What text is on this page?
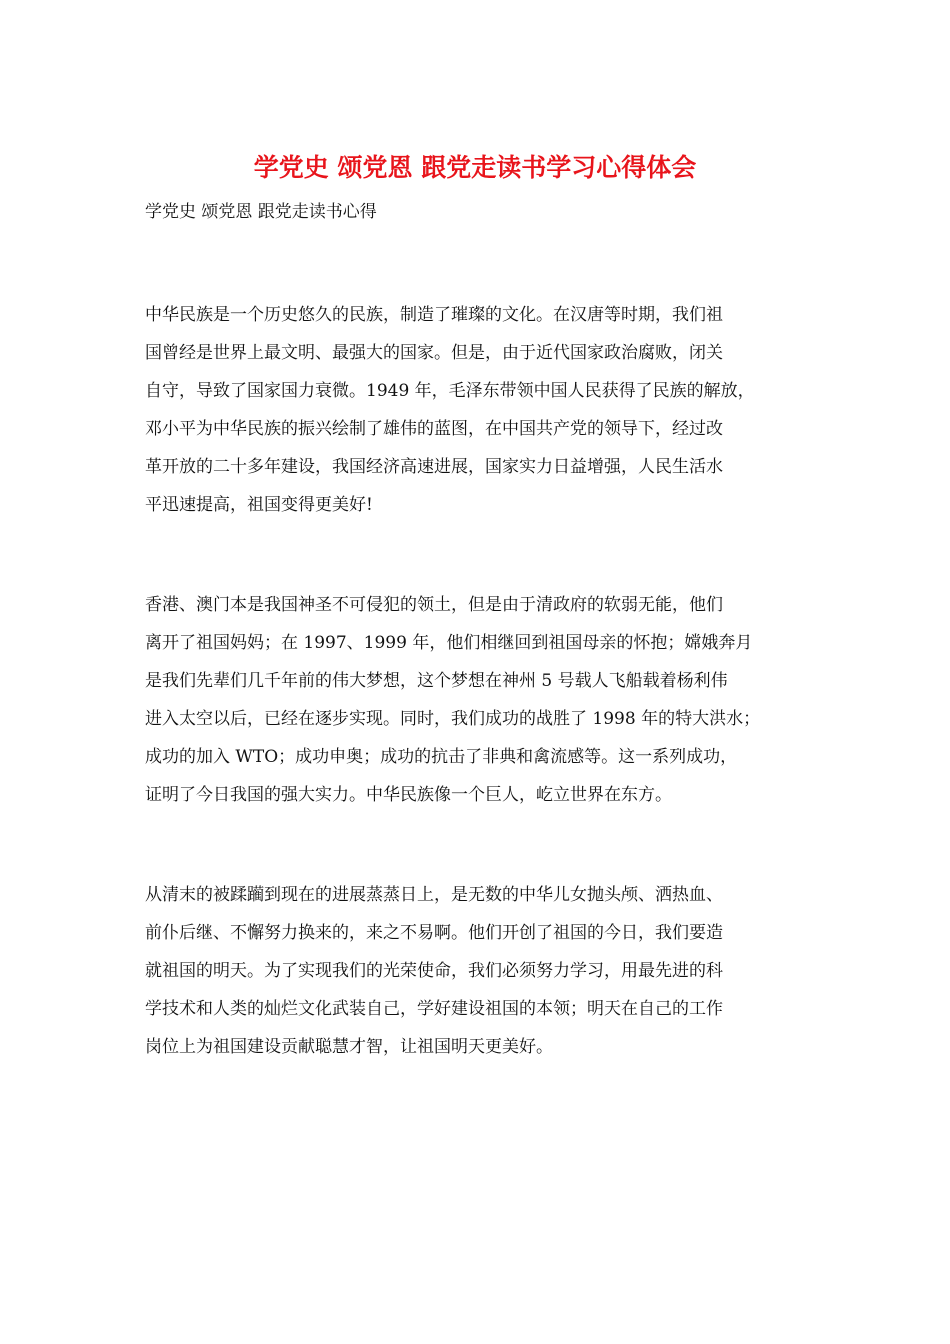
学党史 颂党恩 跟党走读书学习心得体会
学党史 颂党恩 跟党走读书心得
中华民族是一个历史悠久的民族，制造了璀璨的文化。在汉唐等时期，我们祖
国曾经是世界上最文明、最强大的国家。但是，由于近代国家政治腐败，闭关
自守，导致了国家国力衰微。1949 年，毛泽东带领中国人民获得了民族的解放，
邓小平为中华民族的振兴绘制了雄伟的蓝图，在中国共产党的领导下，经过改
革开放的二十多年建设，我国经济高速进展，国家实力日益增强，人民生活水
平迅速提高，祖国变得更美好!
香港、澳门本是我国神圣不可侵犯的领土，但是由于清政府的软弱无能，他们
离开了祖国妈妈；在 1997、1999 年，他们相继回到祖国母亲的怀抱；嫦娥奔月
是我们先辈们几千年前的伟大梦想，这个梦想在神州 5 号载人飞船载着杨利伟
进入太空以后，已经在逐步实现。同时，我们成功的战胜了 1998 年的特大洪水；
成功的加入 WTO；成功申奥；成功的抗击了非典和禽流感等。这一系列成功，
证明了今日我国的强大实力。中华民族像一个巨人，屹立世界在东方。
从清末的被蹂躏到现在的进展蒸蒸日上，是无数的中华儿女抛头颅、洒热血、
前仆后继、不懈努力换来的，来之不易啊。他们开创了祖国的今日，我们要造
就祖国的明天。为了实现我们的光荣使命，我们必须努力学习，用最先进的科
学技术和人类的灿烂文化武装自己，学好建设祖国的本领；明天在自己的工作
岗位上为祖国建设贡献聪慧才智，让祖国明天更美好。
